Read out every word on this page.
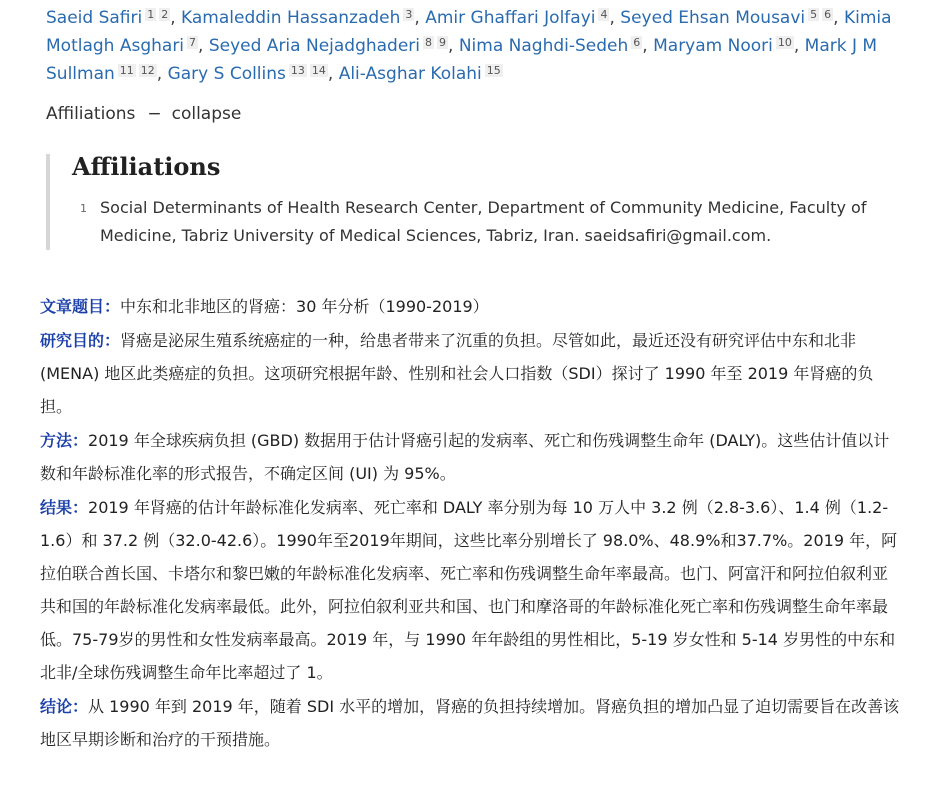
Saeid Safiri 1 2 , Kamaleddin Hassanzadeh 3 , Amir Ghaffari Jolfayi 4 , Seyed Ehsan Mousavi 5 6 , Kimia Motlagh Asghari 7 , Seyed Aria Nejadghaderi 8 9 , Nima Naghdi-Sedeh 6 , Maryam Noori 10 , Mark J M Sullman 11 12 , Gary S Collins 13 14 , Ali-Asghar Kolahi 15
Affiliations − collapse
Affiliations
1 Social Determinants of Health Research Center, Department of Community Medicine, Faculty of Medicine, Tabriz University of Medical Sciences, Tabriz, Iran. saeidsafiri@gmail.com.

文章题目：中东和北非地区的肾癌：30 年分析（1990-2019）

研究目的：肾癌是泌尿生殖系统癌症的一种，给患者带来了沉重的负担。尽管如此，最近还没有研究评估中东和北非 (MENA) 地区此类癌症的负担。这项研究根据年龄、性别和社会人口指数（SDI）探讨了 1990 年至 2019 年肾癌的负担。

方法：2019 年全球疾病负担 (GBD) 数据用于估计肾癌引起的发病率、死亡和伤残调整生命年 (DALY)。这些估计值以计数和年龄标准化率的形式报告，不确定区间 (UI) 为 95%。

结果：2019 年肾癌的估计年龄标准化发病率、死亡率和 DALY 率分别为每 10 万人中 3.2 例（2.8-3.6）、1.4 例（1.2-1.6）和 37.2 例（32.0-42.6）。1990年至2019年期间，这些比率分别增长了 98.0%、48.9%和37.7%。2019 年，阿拉伯联合酋长国、卡塔尔和黎巴嫩的年龄标准化发病率、死亡率和伤残调整生命年率最高。也门、阿富汗和阿拉伯叙利亚共和国的年龄标准化发病率最低。此外，阿拉伯叙利亚共和国、也门和摩洛哥的年龄标准化死亡率和伤残调整生命年率最低。75-79岁的男性和女性发病率最高。2019 年，与 1990 年年龄组的男性相比，5-19 岁女性和 5-14 岁男性的中东和北非/全球伤残调整生命年比率超过了 1。

结论：从 1990 年到 2019 年，随着 SDI 水平的增加，肾癌的负担持续增加。肾癌负担的增加凸显了迫切需要旨在改善该地区早期诊断和治疗的干预措施。
